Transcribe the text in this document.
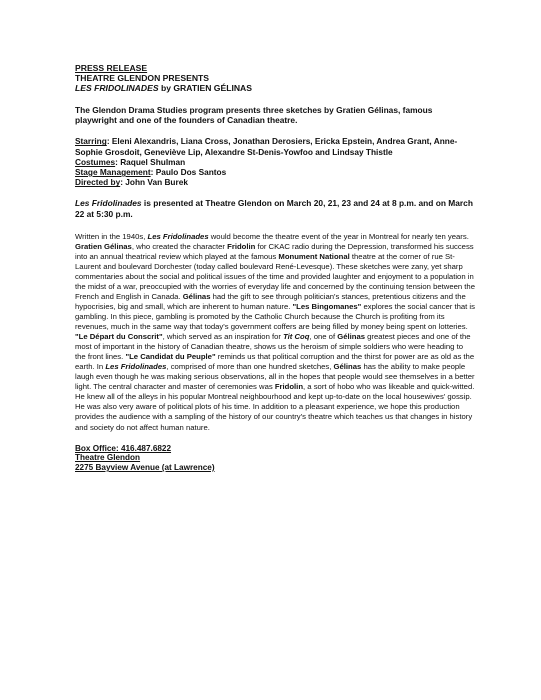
PRESS RELEASE

THEATRE GLENDON PRESENTS

LES FRIDOLINADES by GRATIEN GÉLINAS

The Glendon Drama Studies program presents three sketches by Gratien Gélinas, famous playwright and one of the founders of Canadian theatre.

Starring: Eleni Alexandris, Liana Cross, Jonathan Derosiers, Ericka Epstein, Andrea Grant, Anne-Sophie Grosdoit, Geneviève Lip, Alexandre St-Denis-Yowfoo and Lindsay Thistle
Costumes: Raquel Shulman
Stage Management: Paulo Dos Santos
Directed by: John Van Burek

Les Fridolinades is presented at Theatre Glendon on March 20, 21, 23 and 24 at 8 p.m. and on March 22 at 5:30 p.m.

Written in the 1940s, Les Fridolinades would become the theatre event of the year in Montreal for nearly ten years. Gratien Gélinas, who created the character Fridolin for CKAC radio during the Depression, transformed his success into an annual theatrical review which played at the famous Monument National theatre at the corner of rue St-Laurent and boulevard Dorchester (today called boulevard René-Levesque). These sketches were zany, yet sharp commentaries about the social and political issues of the time and provided laughter and enjoyment to a population in the midst of a war, preoccupied with the worries of everyday life and concerned by the continuing tension between the French and English in Canada. Gélinas had the gift to see through politician's stances, pretentious citizens and the hypocrisies, big and small, which are inherent to human nature. "Les Bingomanes" explores the social cancer that is gambling. In this piece, gambling is promoted by the Catholic Church because the Church is profiting from its revenues, much in the same way that today's government coffers are being filled by money being spent on lotteries. "Le Départ du Conscrit", which served as an inspiration for Tit Coq, one of Gélinas greatest pieces and one of the most of important in the history of Canadian theatre, shows us the heroism of simple soldiers who were heading to the front lines. "Le Candidat du Peuple" reminds us that political corruption and the thirst for power are as old as the earth. In Les Fridolinades, comprised of more than one hundred sketches, Gélinas has the ability to make people laugh even though he was making serious observations, all in the hopes that people would see themselves in a better light. The central character and master of ceremonies was Fridolin, a sort of hobo who was likeable and quick-witted. He knew all of the alleys in his popular Montreal neighbourhood and kept up-to-date on the local housewives' gossip. He was also very aware of political plots of his time. In addition to a pleasant experience, we hope this production provides the audience with a sampling of the history of our country's theatre which teaches us that changes in history and society do not affect human nature.

Box Office: 416.487.6822
Theatre Glendon
2275 Bayview Avenue (at Lawrence)
